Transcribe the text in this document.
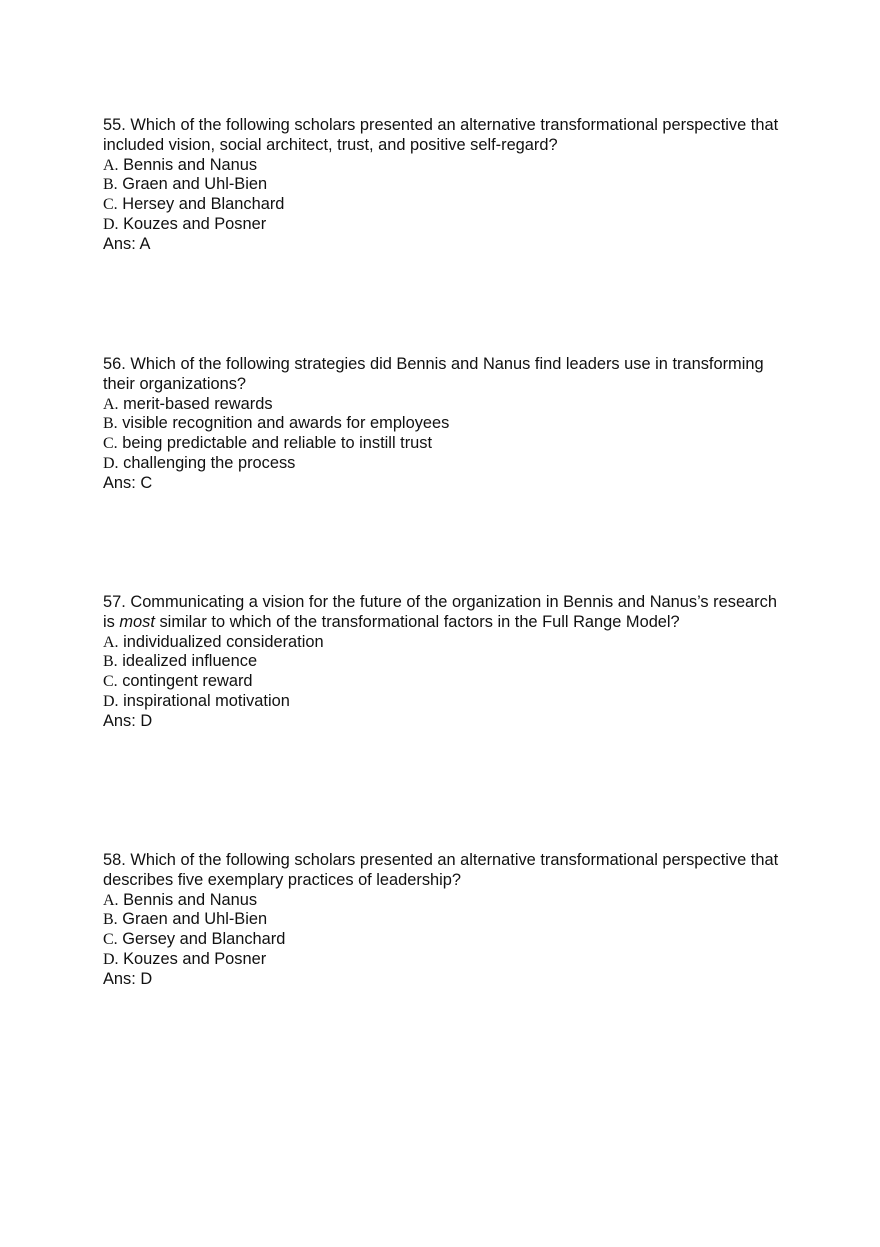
55. Which of the following scholars presented an alternative transformational perspective that included vision, social architect, trust, and positive self-regard?

A. Bennis and Nanus

B. Graen and Uhl-Bien

C. Hersey and Blanchard

D. Kouzes and Posner

Ans: A

56. Which of the following strategies did Bennis and Nanus find leaders use in transforming their organizations?

A. merit-based rewards

B. visible recognition and awards for employees

C. being predictable and reliable to instill trust

D. challenging the process

Ans: C

57. Communicating a vision for the future of the organization in Bennis and Nanus’s research is most similar to which of the transformational factors in the Full Range Model?

A. individualized consideration

B. idealized influence

C. contingent reward

D. inspirational motivation

Ans: D

58. Which of the following scholars presented an alternative transformational perspective that describes five exemplary practices of leadership?

A. Bennis and Nanus

B. Graen and Uhl-Bien

C. Gersey and Blanchard

D. Kouzes and Posner

Ans: D
